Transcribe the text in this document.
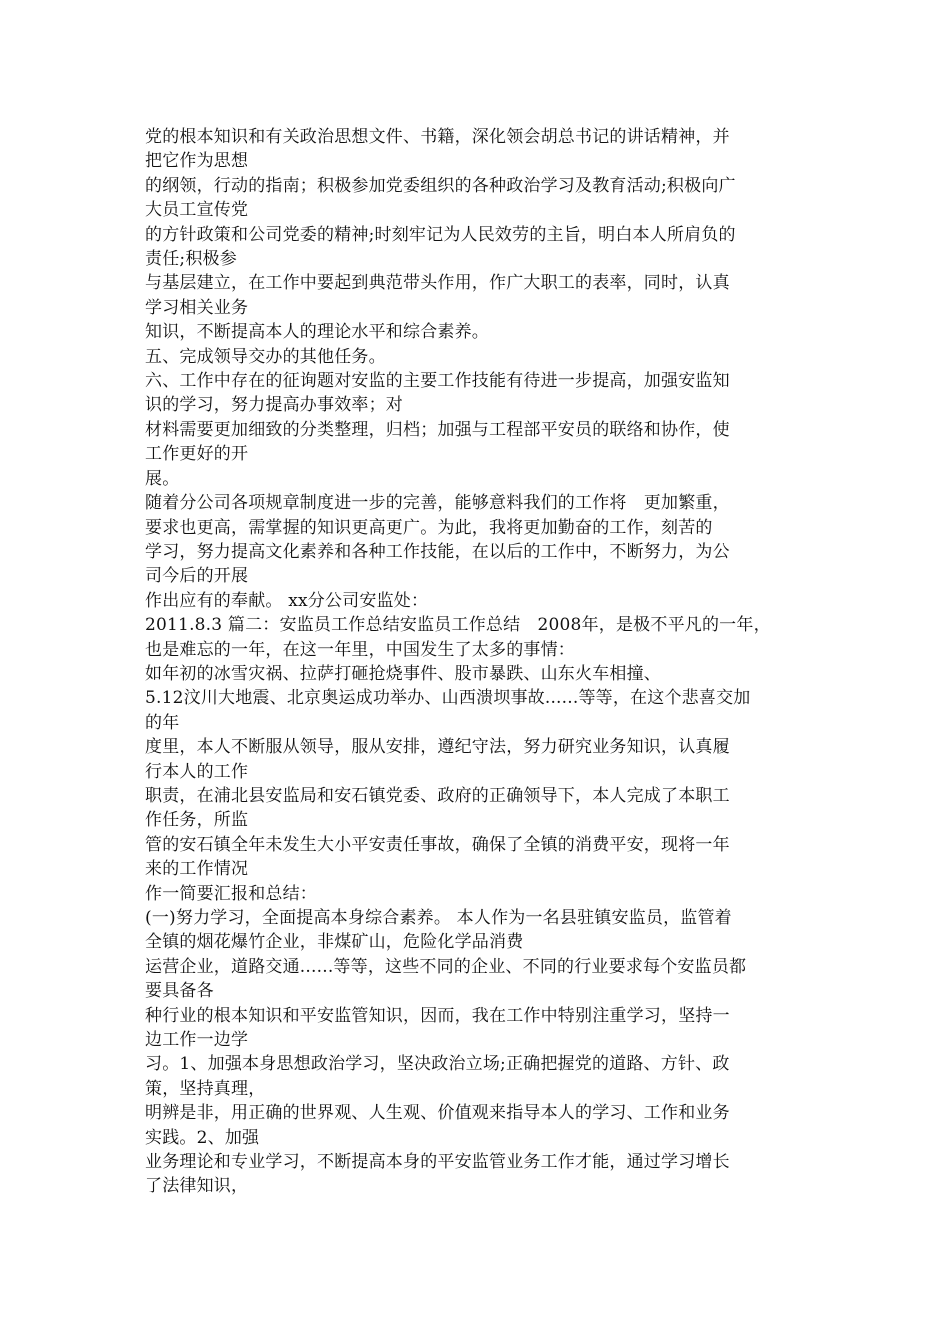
党的根本知识和有关政治思想文件、书籍，深化领会胡总书记的讲话精神，并
把它作为思想
的纲领，行动的指南；积极参加党委组织的各种政治学习及教育活动;积极向广
大员工宣传党
的方针政策和公司党委的精神;时刻牢记为人民效劳的主旨，明白本人所肩负的
责任;积极参
与基层建立，在工作中要起到典范带头作用，作广大职工的表率，同时，认真
学习相关业务
知识，不断提高本人的理论水平和综合素养。
五、完成领导交办的其他任务。
六、工作中存在的征询题对安监的主要工作技能有待进一步提高，加强安监知
识的学习，努力提高办事效率；对
材料需要更加细致的分类整理，归档；加强与工程部平安员的联络和协作，使
工作更好的开
展。
随着分公司各项规章制度进一步的完善，能够意料我们的工作将　更加繁重，
要求也更高，需掌握的知识更高更广。为此，我将更加勤奋的工作，刻苦的
学习，努力提高文化素养和各种工作技能，在以后的工作中，不断努力，为公
司今后的开展
作出应有的奉献。 xx分公司安监处：
2011.8.3 篇二：安监员工作总结安监员工作总结　2008年，是极不平凡的一年，
也是难忘的一年，在这一年里，中国发生了太多的事情：
如年初的冰雪灾祸、拉萨打砸抢烧事件、股市暴跌、山东火车相撞、
5.12汶川大地震、北京奥运成功举办、山西溃坝事故......等等，在这个悲喜交加
的年
度里，本人不断服从领导，服从安排，遵纪守法，努力研究业务知识，认真履
行本人的工作
职责，在浦北县安监局和安石镇党委、政府的正确领导下，本人完成了本职工
作任务，所监
管的安石镇全年未发生大小平安责任事故，确保了全镇的消费平安，现将一年
来的工作情况
作一简要汇报和总结：
(一)努力学习，全面提高本身综合素养。 本人作为一名县驻镇安监员，监管着
全镇的烟花爆竹企业，非煤矿山，危险化学品消费
运营企业，道路交通......等等，这些不同的企业、不同的行业要求每个安监员都
要具备各
种行业的根本知识和平安监管知识，因而，我在工作中特别注重学习，坚持一
边工作一边学
习。1、加强本身思想政治学习，坚决政治立场;正确把握党的道路、方针、政
策，坚持真理，
明辨是非，用正确的世界观、人生观、价值观来指导本人的学习、工作和业务
实践。2、加强
业务理论和专业学习，不断提高本身的平安监管业务工作才能，通过学习增长
了法律知识，
